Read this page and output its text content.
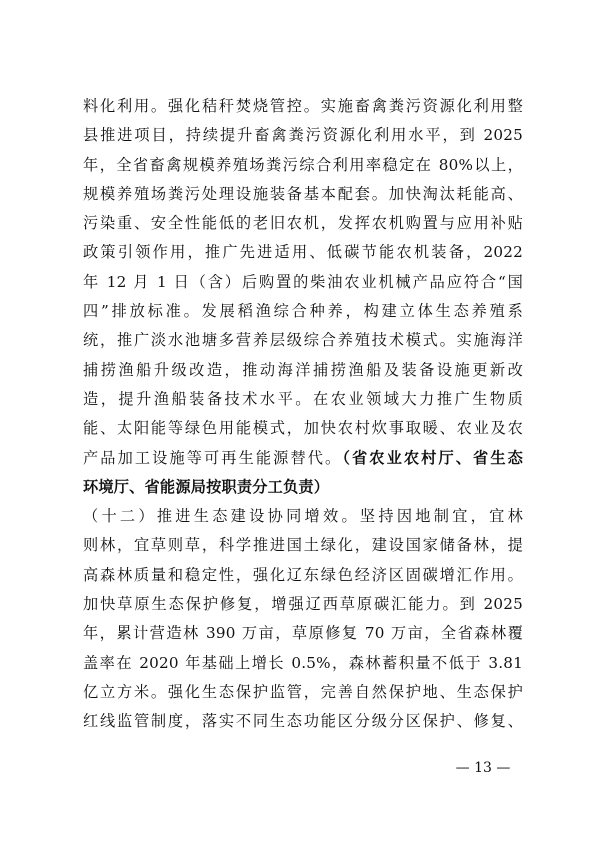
料化利用。强化秸秆焚烧管控。实施畜禽粪污资源化利用整
县推进项目，持续提升畜禽粪污资源化利用水平，到 2025
年，全省畜禽规模养殖场粪污综合利用率稳定在 80%以上，
规模养殖场粪污处理设施装备基本配套。加快淘汰耗能高、
污染重、安全性能低的老旧农机，发挥农机购置与应用补贴
政策引领作用，推广先进适用、低碳节能农机装备，2022
年 12 月 1 日（含）后购置的柴油农业机械产品应符合“国
四”排放标准。发展稻渔综合种养，构建立体生态养殖系
统，推广淡水池塘多营养层级综合养殖技术模式。实施海洋
捕捞渔船升级改造，推动海洋捕捞渔船及装备设施更新改
造，提升渔船装备技术水平。在农业领域大力推广生物质
能、太阳能等绿色用能模式，加快农村炊事取暖、农业及农
产品加工设施等可再生能源替代。（省农业农村厅、省生态
环境厅、省能源局按职责分工负责）
（十二）推进生态建设协同增效。坚持因地制宜，宜林
则林，宜草则草，科学推进国土绿化，建设国家储备林，提
高森林质量和稳定性，强化辽东绿色经济区固碳增汇作用。
加快草原生态保护修复，增强辽西草原碳汇能力。到 2025
年，累计营造林 390 万亩，草原修复 70 万亩，全省森林覆
盖率在 2020 年基础上增长 0.5%，森林蓄积量不低于 3.81
亿立方米。强化生态保护监管，完善自然保护地、生态保护
红线监管制度，落实不同生态功能区分级分区保护、修复、
— 13 —
